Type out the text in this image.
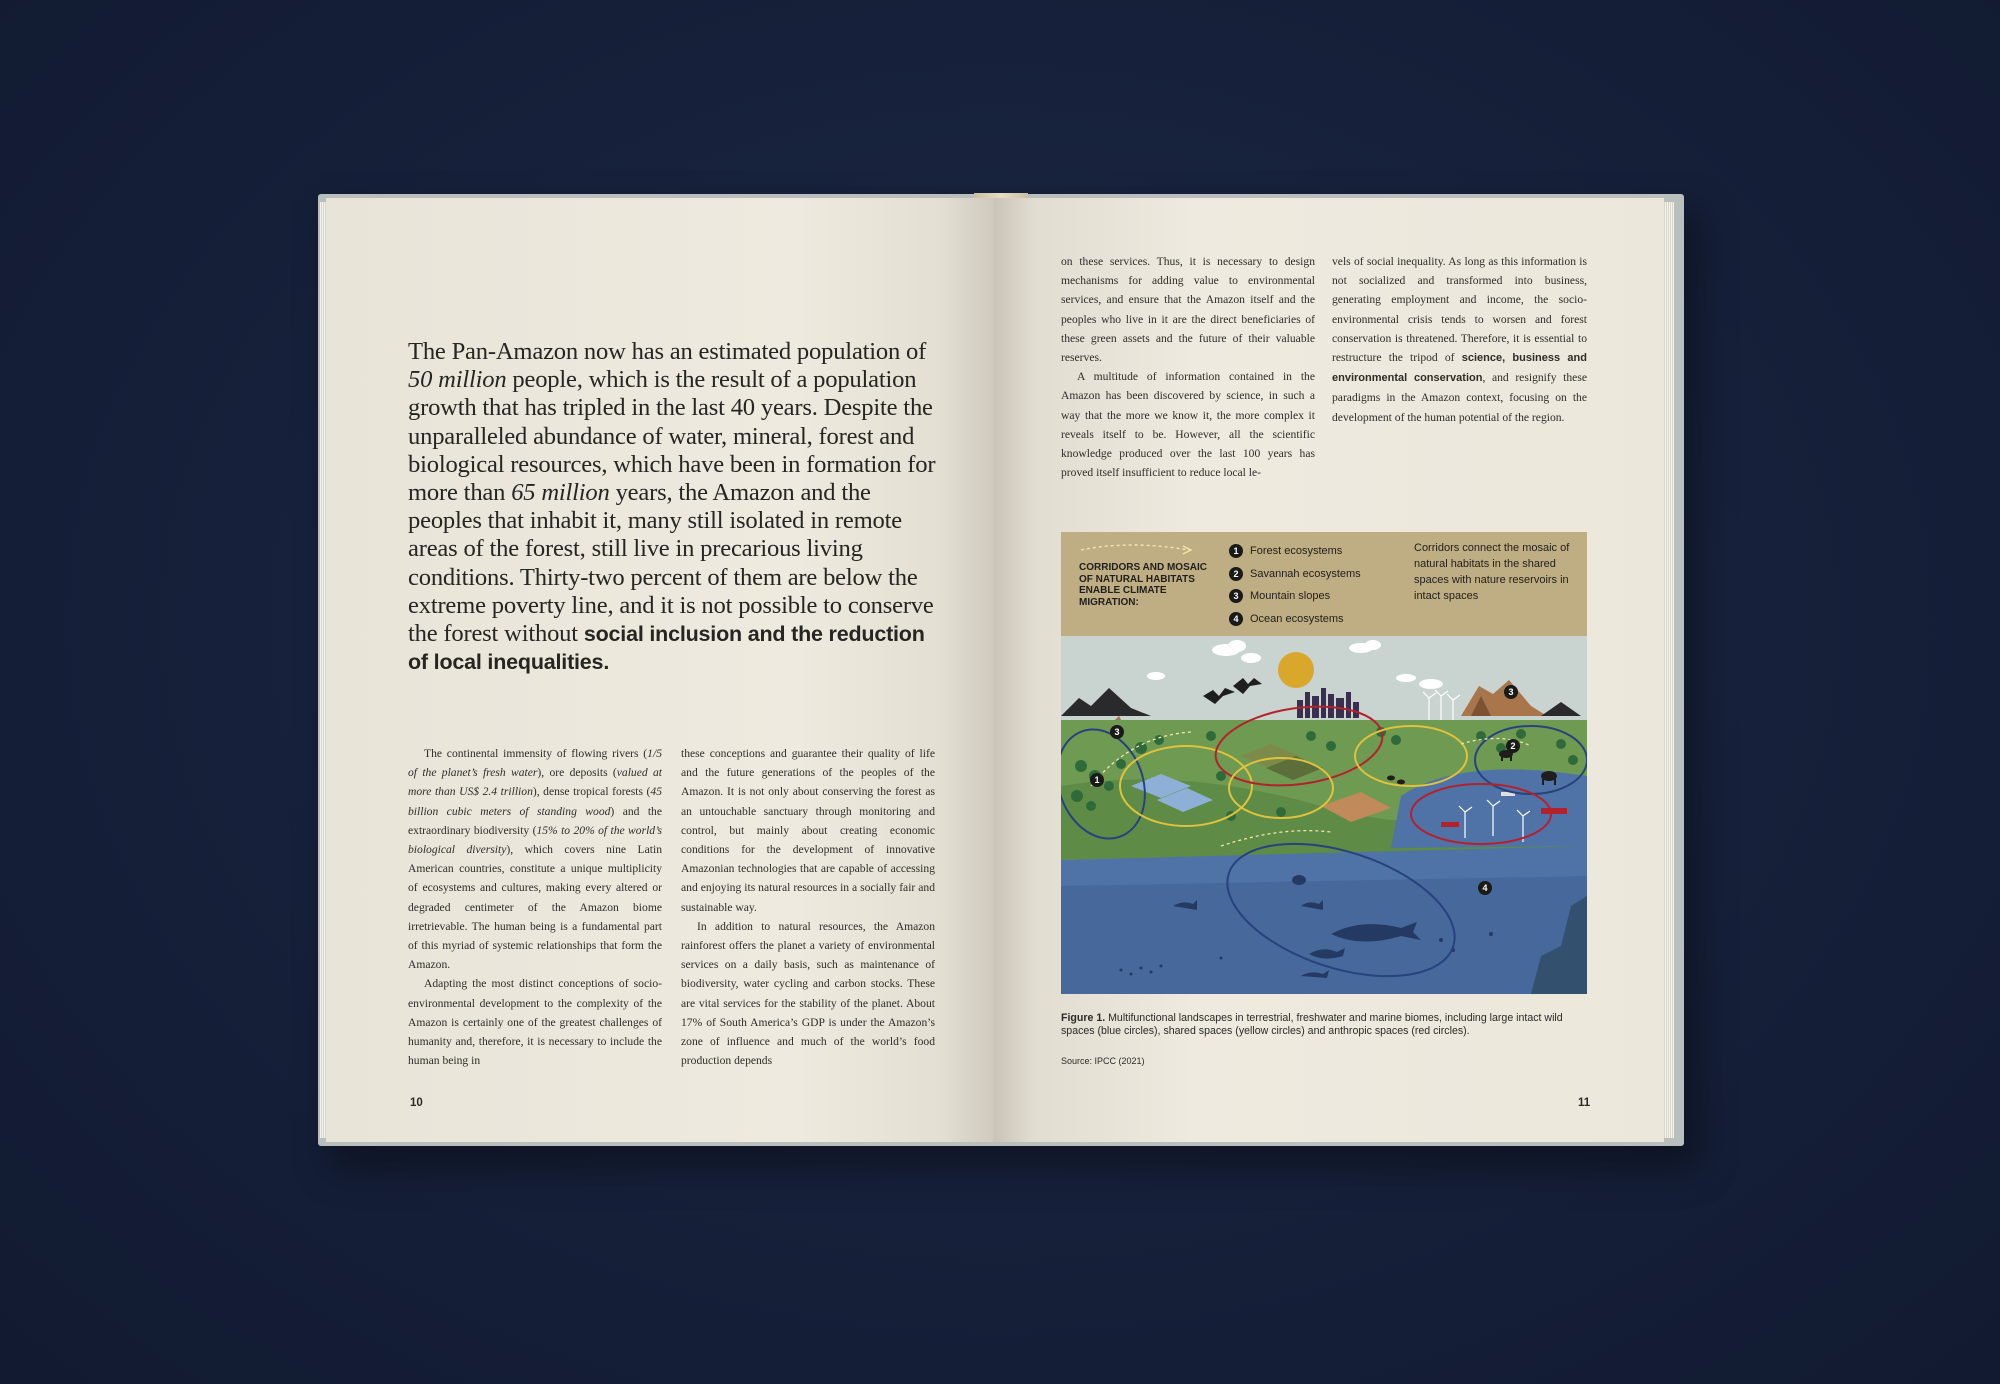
The Pan-Amazon now has an estimated population of
50 million people, which is the result of a population growth that has tripled in the last 40 years. Despite the unparalleled abundance of water, mineral, forest and biological resources, which have been in formation for more than 65 million years, the Amazon and the peoples that inhabit it, many still isolated in remote areas of the forest, still live in precarious living conditions. Thirty-two percent of them are below the extreme poverty line, and it is not possible to conserve the forest without social inclusion and the reduction of local inequalities.

The continental immensity of flowing rivers (1/5 of the planet’s fresh water), ore deposits (valued at more than US$ 2.4 trillion), dense tropical forests (45 billion cubic meters of standing wood) and the extraordinary biodiversity (15% to 20% of the world’s biological diversity), which covers nine Latin American countries, constitute a unique multiplicity of ecosystems and cultures, making every altered or degraded centimeter of the Amazon biome irretrievable. The human being is a fundamental part of this myriad of systemic relationships that form the Amazon.

Adapting the most distinct conceptions of socio-environmental development to the complexity of the Amazon is certainly one of the greatest challenges of humanity and, therefore, it is necessary to include the human being in

these conceptions and guarantee their quality of life and the future generations of the peoples of the Amazon. It is not only about conserving the forest as an untouchable sanctuary through monitoring and control, but mainly about creating economic conditions for the development of innovative Amazonian technologies that are capable of accessing and enjoying its natural resources in a socially fair and sustainable way.

In addition to natural resources, the Amazon rainforest offers the planet a variety of environmental services on a daily basis, such as maintenance of biodiversity, water cycling and carbon stocks. These are vital services for the stability of the planet. About 17% of South America’s GDP is under the Amazon’s zone of influence and much of the world’s food production depends

10

on these services. Thus, it is necessary to design mechanisms for adding value to environmental services, and ensure that the Amazon itself and the peoples who live in it are the direct beneficiaries of these green assets and the future of their valuable reserves.

A multitude of information contained in the Amazon has been discovered by science, in such a way that the more we know it, the more complex it reveals itself to be. However, all the scientific knowledge produced over the last 100 years has proved itself insufficient to reduce local le-

vels of social inequality. As long as this information is not socialized and transformed into business, generating employment and income, the socio-environmental crisis tends to worsen and forest conservation is threatened. Therefore, it is essential to restructure the tripod of science, business and environmental conservation, and resignify these paradigms in the Amazon context, focusing on the development of the human potential of the region.

CORRIDORS AND MOSAIC OF NATURAL HABITATS ENABLE CLIMATE MIGRATION:
1	Forest ecosystems
2	Savannah ecosystems
3	Mountain slopes
4	Ocean ecosystems
Corridors connect the mosaic of natural habitats in the shared spaces with nature reservoirs in intact spaces
1
2
3
3
4
Figure 1. Multifunctional landscapes in terrestrial, freshwater and marine biomes, including large intact wild spaces (blue circles), shared spaces (yellow circles) and anthropic spaces (red circles).
Source: IPCC (2021)
11
